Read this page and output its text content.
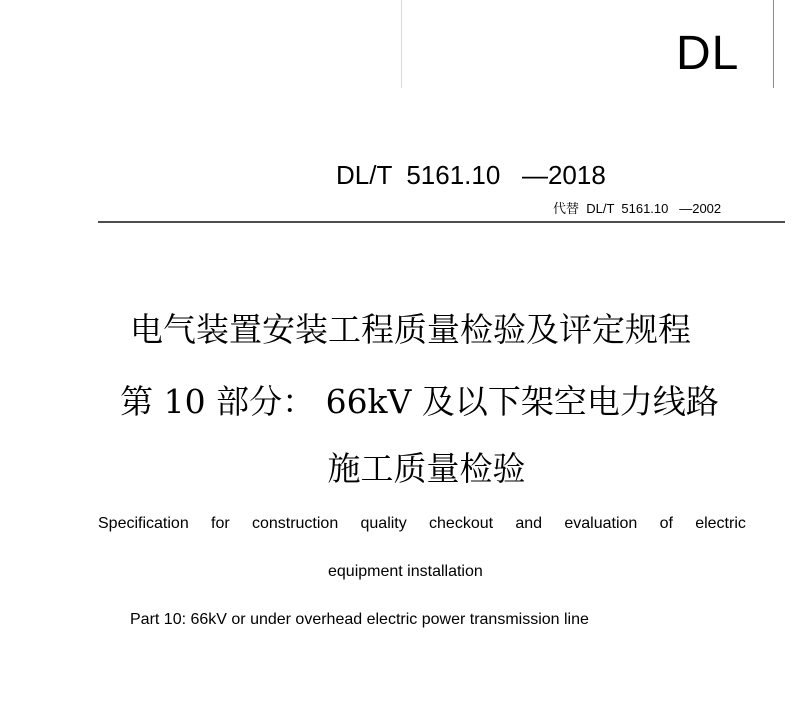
DL
DL/T  5161.10   —2018
代替  DL/T  5161.10   —2002
电气装置安装工程质量检验及评定规程
第 10 部分： 66kV 及以下架空电力线路
施工质量检验
Specification for construction quality checkout and evaluation of electric
equipment installation
Part 10: 66kV or under overhead electric power transmission line
